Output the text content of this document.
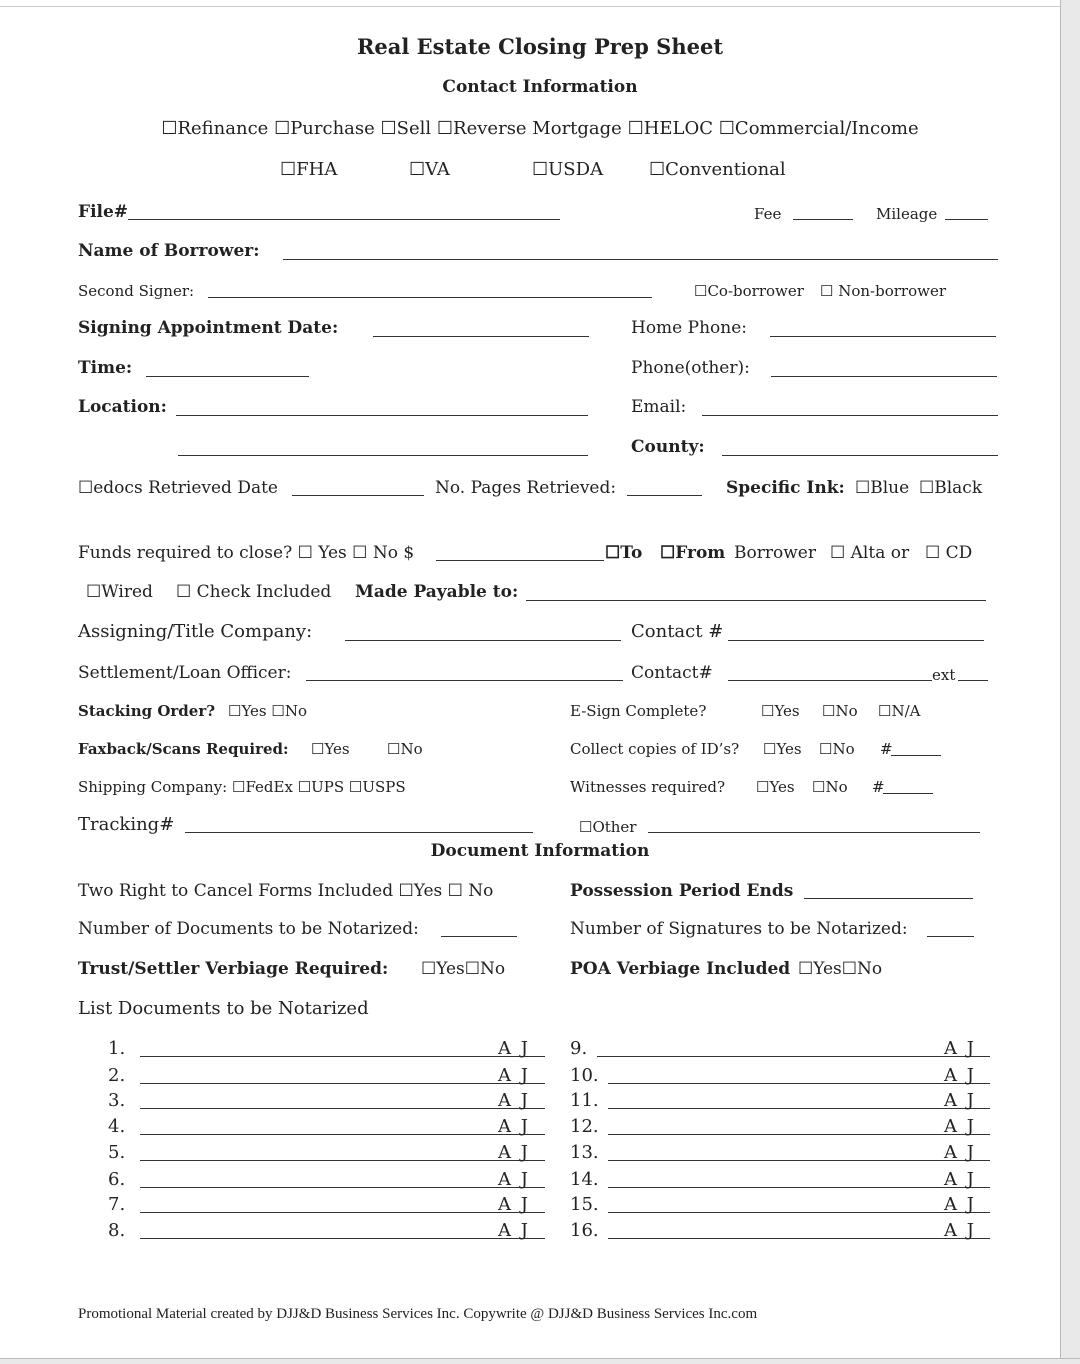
Real Estate Closing Prep Sheet
Contact Information
☐Refinance ☐Purchase ☐Sell ☐Reverse Mortgage ☐HELOC ☐Commercial/Income
☐FHA	☐VA	☐USDA	☐Conventional
File#	Fee	Mileage
Name of Borrower:
Second Signer:	☐Co-borrower ☐ Non-borrower
Signing Appointment Date:	Home Phone:
Time:	Phone(other):
Location:	Email:
County:
☐edocs Retrieved Date	No. Pages Retrieved:	Specific Ink: ☐Blue ☐Black
Funds required to close? ☐ Yes ☐ No $	☐To ☐From Borrower ☐ Alta or ☐ CD
☐Wired ☐ Check Included Made Payable to:
Assigning/Title Company:	Contact #
Settlement/Loan Officer:	Contact#	ext
Stacking Order? ☐Yes ☐No	E-Sign Complete?	☐Yes ☐No ☐N/A
Faxback/Scans Required: ☐Yes ☐No	Collect copies of ID’s? ☐Yes ☐No #
Shipping Company: ☐FedEx ☐UPS ☐USPS	Witnesses required? ☐Yes ☐No #
Tracking#	☐Other
Document Information
Two Right to Cancel Forms Included ☐Yes ☐ No	Possession Period Ends
Number of Documents to be Notarized:	Number of Signatures to be Notarized:
Trust/Settler Verbiage Required: ☐Yes☐No	POA Verbiage Included ☐Yes☐No
List Documents to be Notarized
1.	A J 9.	A J
2.	A J 10.	A J
3.	A J 11.	A J
4.	A J 12.	A J
5.	A J 13.	A J
6.	A J 14.	A J
7.	A J 15.	A J
8.	A J 16.	A J
Promotional Material created by DJJ&D Business Services Inc. Copywrite @ DJJ&D Business Services Inc.com
